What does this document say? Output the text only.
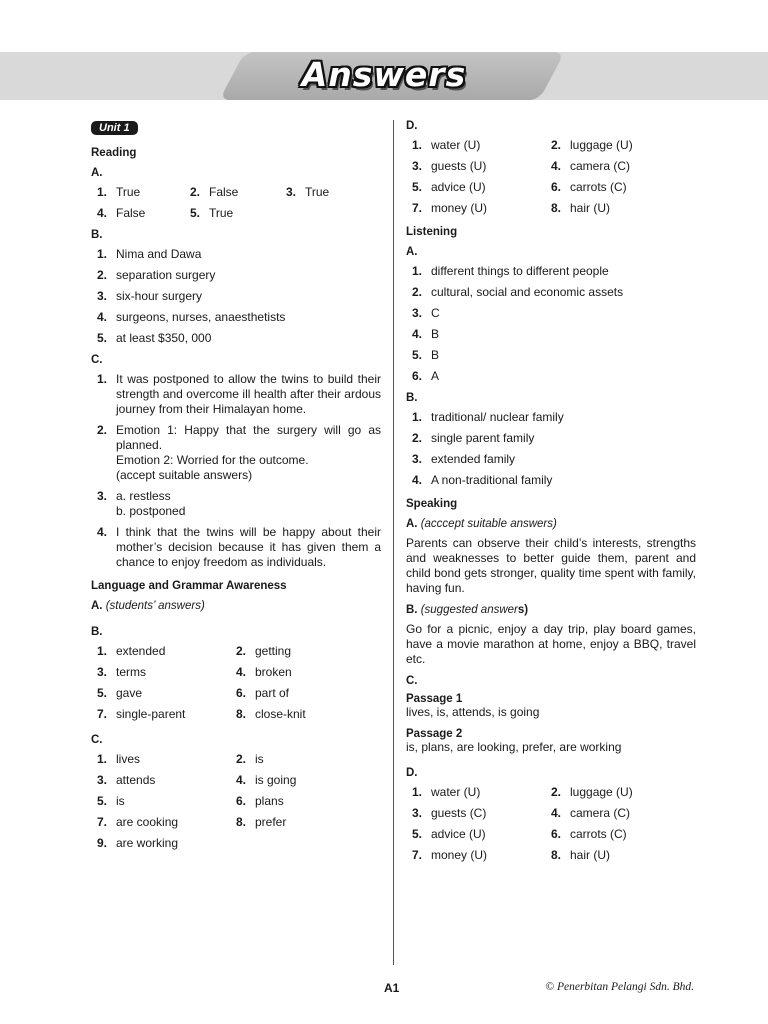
Answers
Unit 1
Reading
A.
1. True	2. False	3. True
4. False	5. True
B.
1. Nima and Dawa
2. separation surgery
3. six-hour surgery
4. surgeons, nurses, anaesthetists
5. at least $350, 000
C.
1. It was postponed to allow the twins to build their strength and overcome ill health after their ardous journey from their Himalayan home.
2. Emotion 1: Happy that the surgery will go as planned.
Emotion 2: Worried for the outcome.
(accept suitable answers)
3. a. restless
b. postponed
4. I think that the twins will be happy about their mother’s decision because it has given them a chance to enjoy freedom as individuals.
Language and Grammar Awareness
A. (students’ answers)
B.
1. extended	2. getting
3. terms	4. broken
5. gave	6. part of
7. single-parent	8. close-knit
C.
1. lives	2. is
3. attends	4. is going
5. is	6. plans
7. are cooking	8. prefer
9. are working
D.
1. water (U)	2. luggage (U)
3. guests (U)	4. camera (C)
5. advice (U)	6. carrots (C)
7. money (U)	8. hair (U)
Listening
A.
1. different things to different people
2. cultural, social and economic assets
3. C
4. B
5. B
6. A
B.
1. traditional/ nuclear family
2. single parent family
3. extended family
4. A non-traditional family
Speaking
A. (acccept suitable answers)
Parents can observe their child’s interests, strengths and weaknesses to better guide them, parent and child bond gets stronger, quality time spent with family, having fun.
B. (suggested answers)
Go for a picnic, enjoy a day trip, play board games, have a movie marathon at home, enjoy a BBQ, travel etc.
C.
Passage 1
lives, is, attends, is going
Passage 2
is, plans, are looking, prefer, are working
D.
1. water (U)	2. luggage (U)
3. guests (C)	4. camera (C)
5. advice (U)	6. carrots (C)
7. money (U)	8. hair (U)
A1	© Penerbitan Pelangi Sdn. Bhd.
